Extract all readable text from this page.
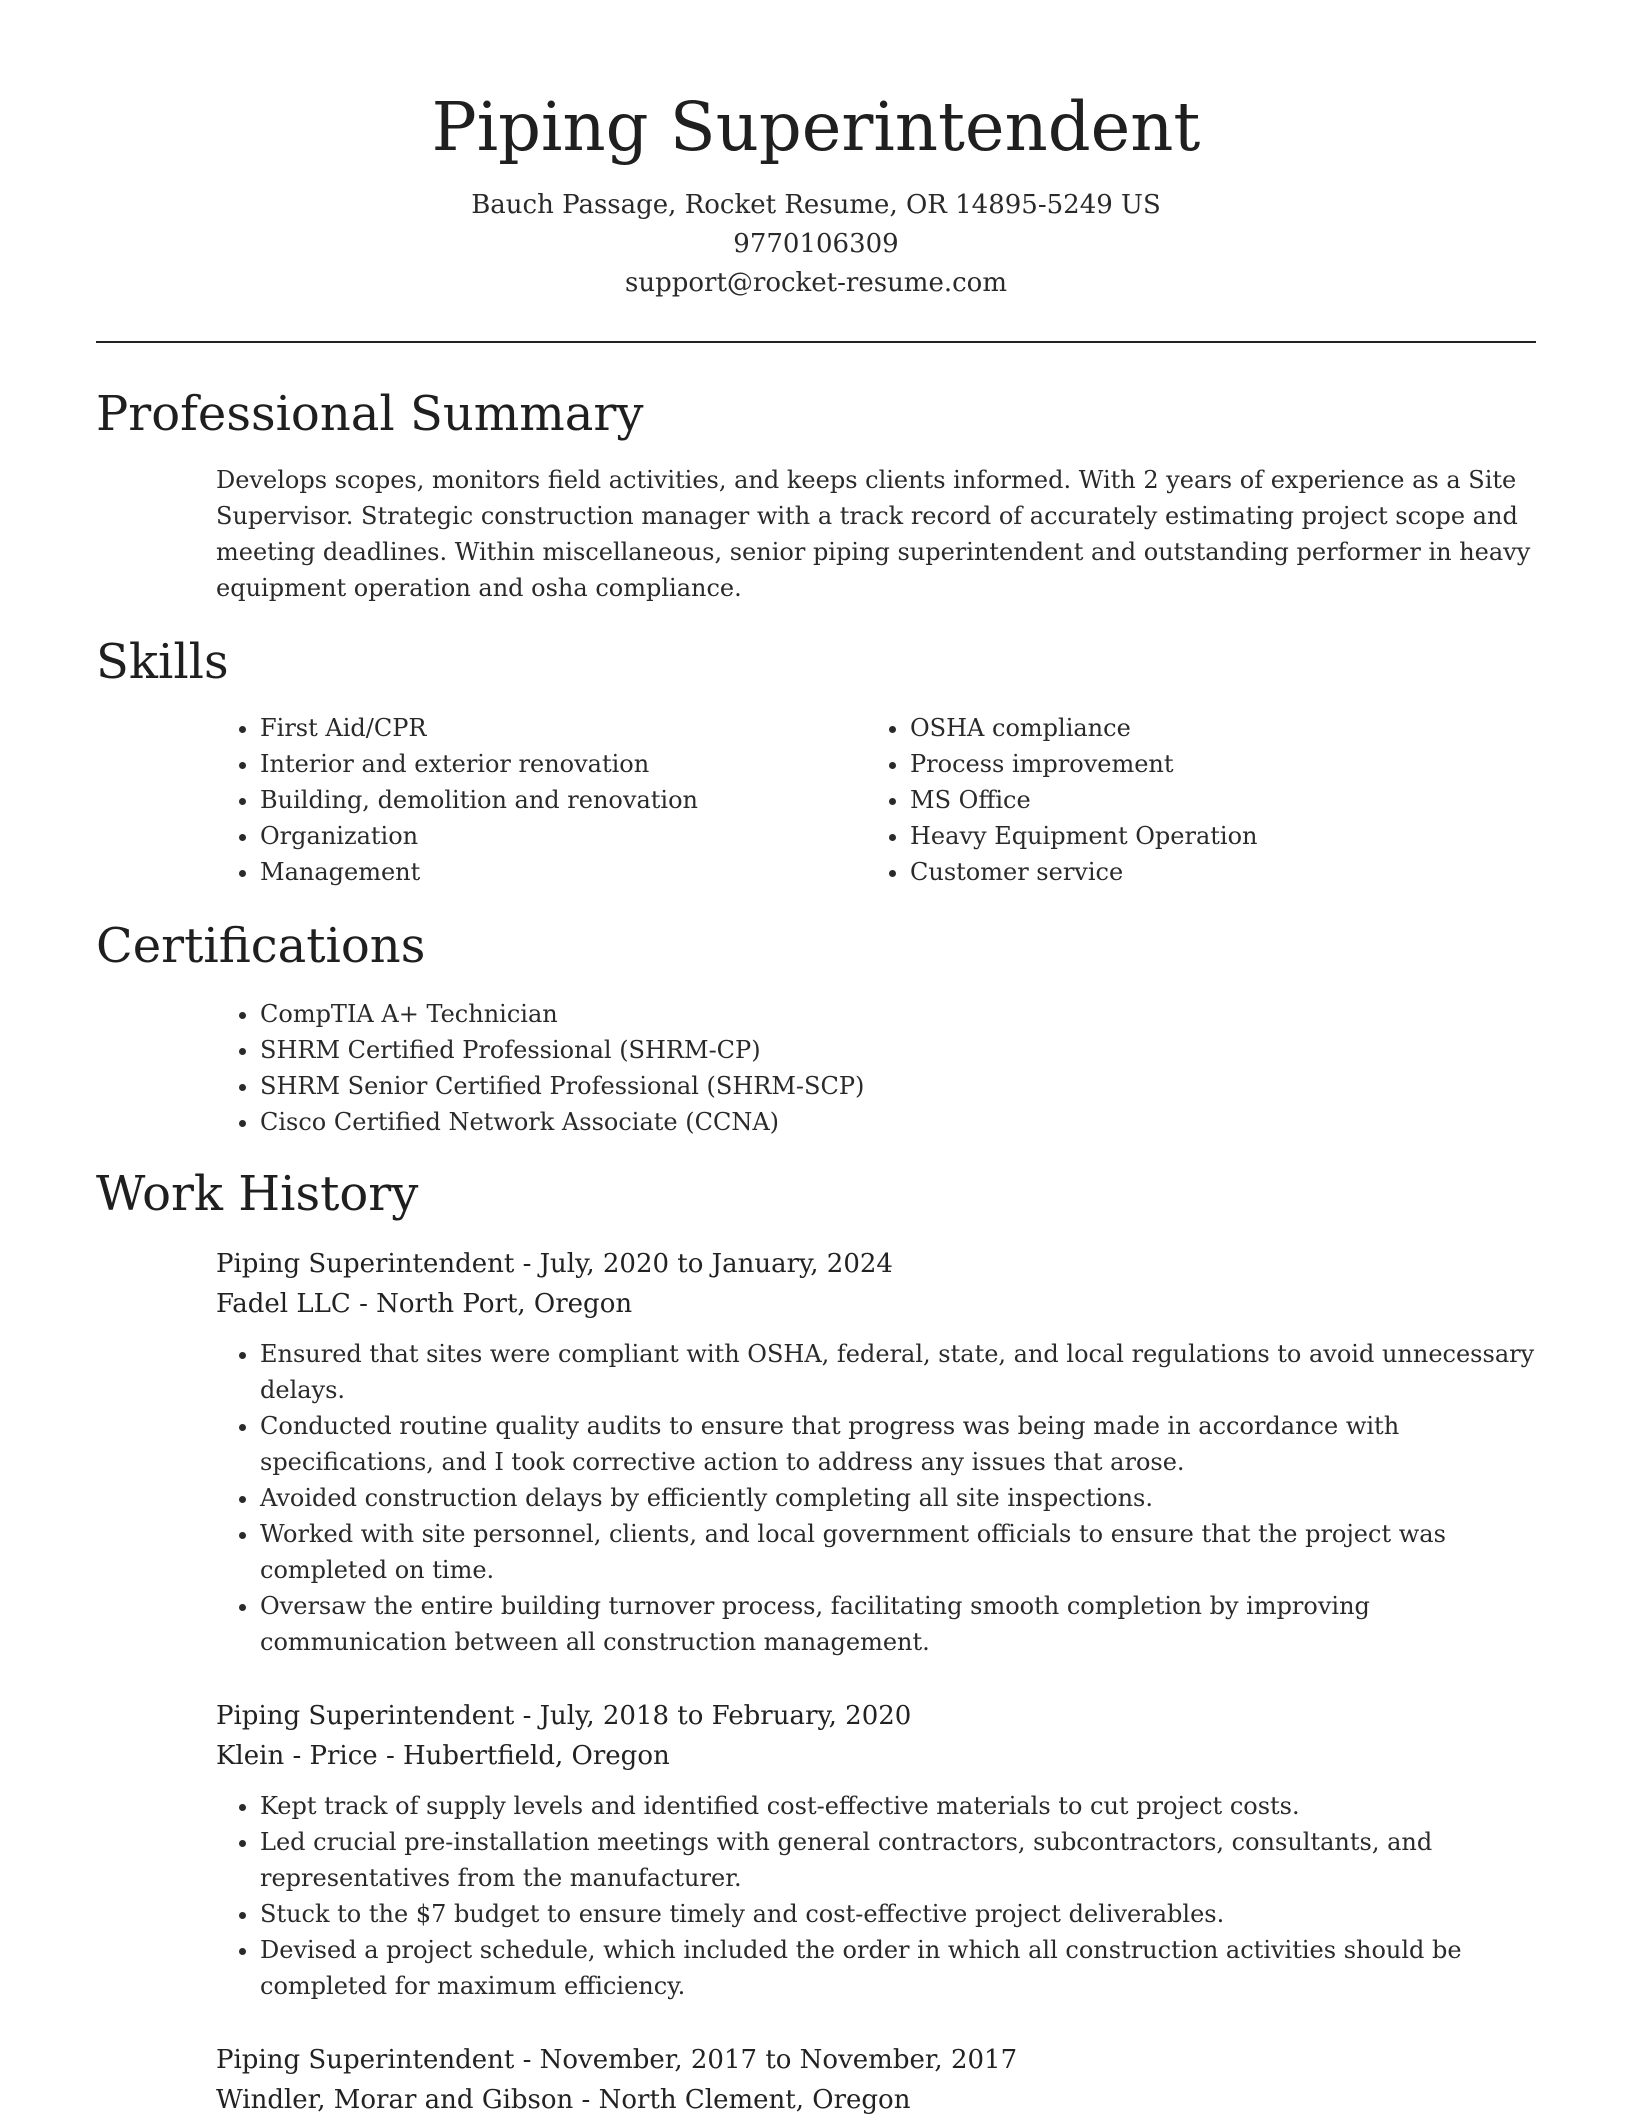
Piping Superintendent
Bauch Passage, Rocket Resume, OR 14895-5249 US
9770106309
support@rocket-resume.com
Professional Summary

Develops scopes, monitors field activities, and keeps clients informed. With 2 years of experience as a Site Supervisor. Strategic construction manager with a track record of accurately estimating project scope and meeting deadlines. Within miscellaneous, senior piping superintendent and outstanding performer in heavy equipment operation and osha compliance.

Skills
• First Aid/CPR
• Interior and exterior renovation
• Building, demolition and renovation
• Organization
• Management
• OSHA compliance
• Process improvement
• MS Office
• Heavy Equipment Operation
• Customer service
Certifications
• CompTIA A+ Technician
• SHRM Certified Professional (SHRM-CP)
• SHRM Senior Certified Professional (SHRM-SCP)
• Cisco Certified Network Associate (CCNA)
Work History
Piping Superintendent - July, 2020 to January, 2024
Fadel LLC - North Port, Oregon
• Ensured that sites were compliant with OSHA, federal, state, and local regulations to avoid unnecessary delays.
• Conducted routine quality audits to ensure that progress was being made in accordance with specifications, and I took corrective action to address any issues that arose.
• Avoided construction delays by efficiently completing all site inspections.
• Worked with site personnel, clients, and local government officials to ensure that the project was completed on time.
• Oversaw the entire building turnover process, facilitating smooth completion by improving communication between all construction management.
Piping Superintendent - July, 2018 to February, 2020
Klein - Price - Hubertfield, Oregon
• Kept track of supply levels and identified cost-effective materials to cut project costs.
• Led crucial pre-installation meetings with general contractors, subcontractors, consultants, and representatives from the manufacturer.
• Stuck to the $7 budget to ensure timely and cost-effective project deliverables.
• Devised a project schedule, which included the order in which all construction activities should be completed for maximum efficiency.
Piping Superintendent - November, 2017 to November, 2017
Windler, Morar and Gibson - North Clement, Oregon
